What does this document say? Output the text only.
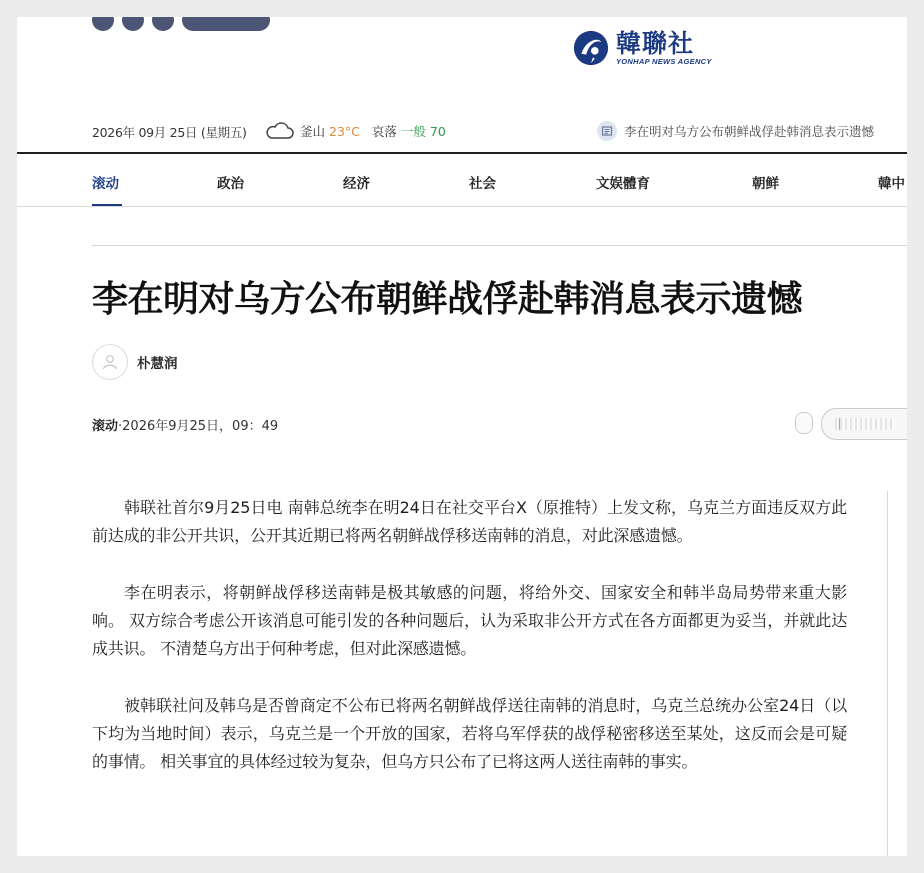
韓聯社
YONHAP NEWS AGENCY
2026年 09月 25日 (星期五)	釜山 23°C 哀落 一般 70	李在明对乌方公布朝鲜战俘赴韩消息表示遗憾
滚动	政治	经济	社会	文娱體育	朝鲜	韓中
李在明对乌方公布朝鲜战俘赴韩消息表示遗憾
朴慧润
滚动·2026年9月25日，09：49

韩联社首尔9月25日电 南韩总统李在明24日在社交平台X（原推特）上发文称，乌克兰方面违反双方此前达成的非公开共识，公开其近期已将两名朝鲜战俘移送南韩的消息，对此深感遗憾。

李在明表示，将朝鲜战俘移送南韩是极其敏感的问题，将给外交、国家安全和韩半岛局势带来重大影响。 双方综合考虑公开该消息可能引发的各种问题后，认为采取非公开方式在各方面都更为妥当，并就此达成共识。 不清楚乌方出于何种考虑，但对此深感遗憾。

被韩联社问及韩乌是否曾商定不公布已将两名朝鲜战俘送往南韩的消息时，乌克兰总统办公室24日（以下均为当地时间）表示，乌克兰是一个开放的国家，若将乌军俘获的战俘秘密移送至某处，这反而会是可疑的事情。 相关事宜的具体经过较为复杂，但乌方只公布了已将这两人送往南韩的事实。
